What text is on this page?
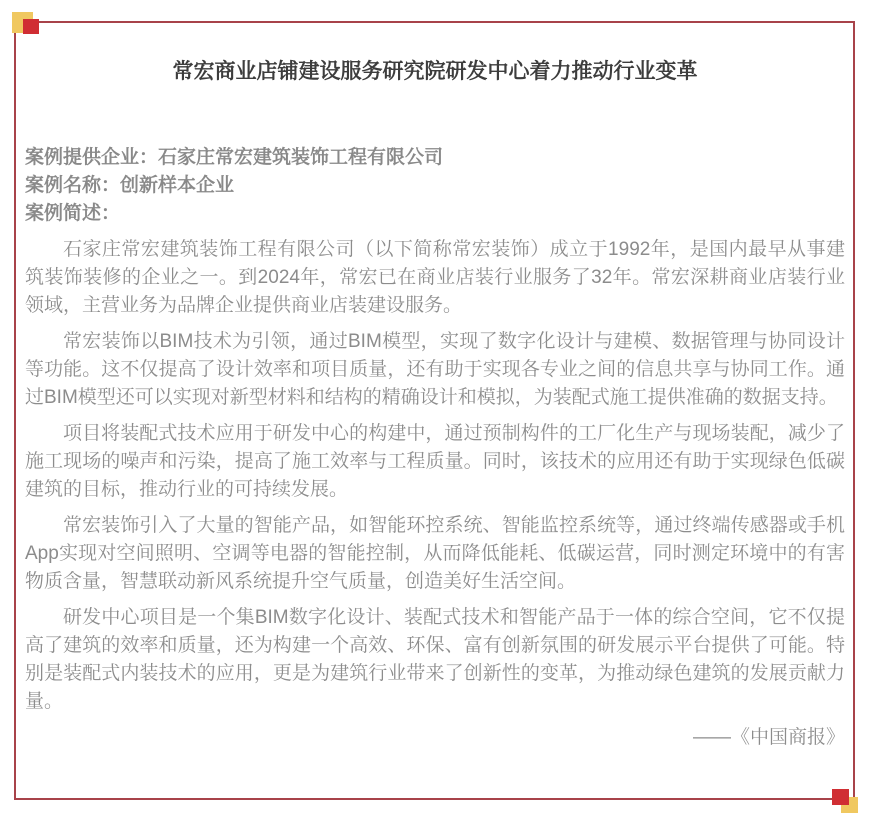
常宏商业店铺建设服务研究院研发中心着力推动行业变革

案例提供企业：石家庄常宏建筑装饰工程有限公司

案例名称：创新样本企业

案例简述：

石家庄常宏建筑装饰工程有限公司（以下简称常宏装饰）成立于1992年，是国内最早从事建筑装饰装修的企业之一。到2024年，常宏已在商业店装行业服务了32年。常宏深耕商业店装行业领域，主营业务为品牌企业提供商业店装建设服务。

常宏装饰以BIM技术为引领，通过BIM模型，实现了数字化设计与建模、数据管理与协同设计等功能。这不仅提高了设计效率和项目质量，还有助于实现各专业之间的信息共享与协同工作。通过BIM模型还可以实现对新型材料和结构的精确设计和模拟，为装配式施工提供准确的数据支持。

项目将装配式技术应用于研发中心的构建中，通过预制构件的工厂化生产与现场装配，减少了施工现场的噪声和污染，提高了施工效率与工程质量。同时，该技术的应用还有助于实现绿色低碳建筑的目标，推动行业的可持续发展。

常宏装饰引入了大量的智能产品，如智能环控系统、智能监控系统等，通过终端传感器或手机App实现对空间照明、空调等电器的智能控制，从而降低能耗、低碳运营，同时测定环境中的有害物质含量，智慧联动新风系统提升空气质量，创造美好生活空间。

研发中心项目是一个集BIM数字化设计、装配式技术和智能产品于一体的综合空间，它不仅提高了建筑的效率和质量，还为构建一个高效、环保、富有创新氛围的研发展示平台提供了可能。特别是装配式内装技术的应用，更是为建筑行业带来了创新性的变革，为推动绿色建筑的发展贡献力量。

——《中国商报》
